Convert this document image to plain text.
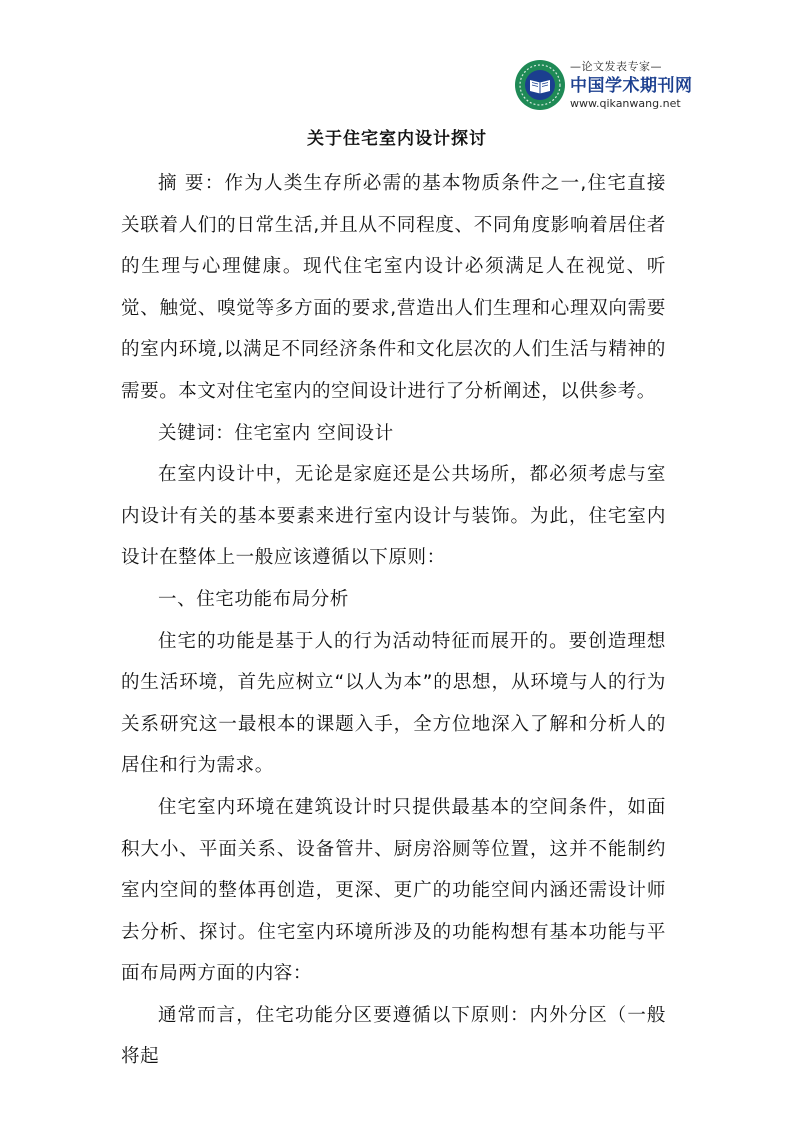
—论文发表专家—
中国学术期刊网
www.qikanwang.net
关于住宅室内设计探讨

摘 要：作为人类生存所必需的基本物质条件之一,住宅直接关联着人们的日常生活,并且从不同程度、不同角度影响着居住者的生理与心理健康。现代住宅室内设计必须满足人在视觉、听觉、触觉、嗅觉等多方面的要求,营造出人们生理和心理双向需要的室内环境,以满足不同经济条件和文化层次的人们生活与精神的需要。本文对住宅室内的空间设计进行了分析阐述，以供参考。

关键词：住宅室内 空间设计

在室内设计中，无论是家庭还是公共场所，都必须考虑与室内设计有关的基本要素来进行室内设计与装饰。为此，住宅室内设计在整体上一般应该遵循以下原则：

一、住宅功能布局分析

住宅的功能是基于人的行为活动特征而展开的。要创造理想的生活环境，首先应树立“以人为本”的思想，从环境与人的行为关系研究这一最根本的课题入手，全方位地深入了解和分析人的居住和行为需求。

住宅室内环境在建筑设计时只提供最基本的空间条件，如面积大小、平面关系、设备管井、厨房浴厕等位置，这并不能制约室内空间的整体再创造，更深、更广的功能空间内涵还需设计师去分析、探讨。住宅室内环境所涉及的功能构想有基本功能与平面布局两方面的内容：

通常而言，住宅功能分区要遵循以下原则：内外分区（一般将起
